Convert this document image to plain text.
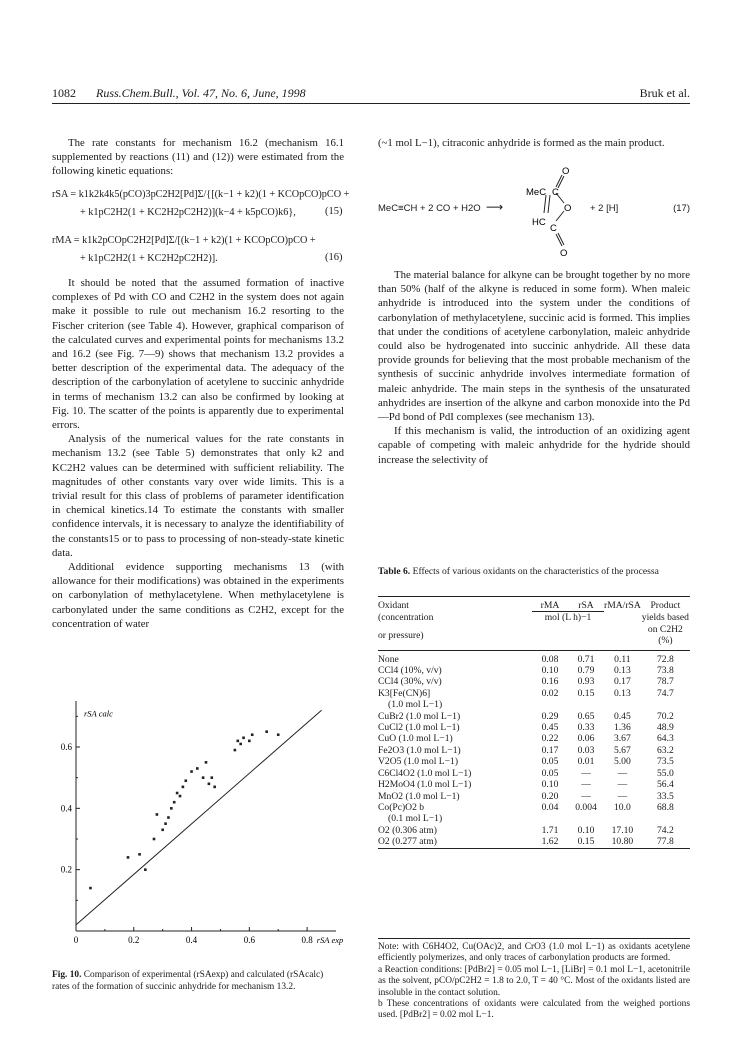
1082 Russ.Chem.Bull., Vol. 47, No. 6, June, 1998	Bruk et al.

The rate constants for mechanism 16.2 (mechanism 16.1 supplemented by reactions (11) and (12)) were estimated from the following kinetic equations:

rSA = k1k2k4k5(pCO)3pC2H2[Pd]Σ/{[(k−1 + k2)(1 + KCOpCO)pCO +
+ k1pC2H2(1 + KC2H2pC2H2)](k−4 + k5pCO)k6},	(15)
rMA = k1k2pCOpC2H2[Pd]Σ/[(k−1 + k2)(1 + KCOpCO)pCO +
+ k1pC2H2(1 + KC2H2pC2H2)].	(16)

It should be noted that the assumed formation of inactive complexes of Pd with CO and C2H2 in the system does not again make it possible to rule out mechanism 16.2 resorting to the Fischer criterion (see Table 4). However, graphical comparison of the calculated curves and experimental points for mechanisms 13.2 and 16.2 (see Fig. 7—9) shows that mechanism 13.2 provides a better description of the experimental data. The adequacy of the description of the carbonylation of acetylene to succinic anhydride in terms of mechanism 13.2 can also be confirmed by looking at Fig. 10. The scatter of the points is apparently due to experimental errors.

Analysis of the numerical values for the rate constants in mechanism 13.2 (see Table 5) demonstrates that only k2 and KC2H2 values can be determined with sufficient reliability. The magnitudes of other constants vary over wide limits. This is a trivial result for this class of problems of parameter identification in chemical kinetics.14 To estimate the constants with smaller confidence intervals, it is necessary to analyze the identifiability of the constants15 or to pass to processing of non-steady-state kinetic data.

Additional evidence supporting mechanisms 13 (with allowance for their modifications) was obtained in the experiments on carbonylation of methylacetylene. When methylacetylene is carbonylated under the same conditions as C2H2, except for the concentration of water

0	0.2	0.4	0.6	0.8
0.2
0.4
0.6
rSA calc
rSA exp
Fig. 10. Comparison of experimental (rSAexp) and calculated (rSAcalc) rates of the formation of succinic anhydride for mechanism 13.2.

(~1 mol L−1), citraconic anhydride is formed as the main product.

MeC≡CH + 2 CO + H2O ⟶
O
MeC C
O
HC
C
O
+ 2 [H]	(17)

The material balance for alkyne can be brought together by no more than 50% (half of the alkyne is reduced in some form). When maleic anhydride is introduced into the system under the conditions of carbonylation of methylacetylene, succinic acid is formed. This implies that under the conditions of acetylene carbonylation, maleic anhydride could also be hydrogenated into succinic anhydride. All these data provide grounds for believing that the most probable mechanism of the synthesis of succinic anhydride involves intermediate formation of maleic anhydride. The main steps in the synthesis of the unsaturated anhydrides are insertion of the alkyne and carbon monoxide into the Pd—Pd bond of PdI complexes (see mechanism 13).

If this mechanism is valid, the introduction of an oxidizing agent capable of competing with maleic anhydride for the hydride should increase the selectivity of

Table 6. Effects of various oxidants on the characteristics of the processa
Oxidant	rMA	rSA	rMA/rSA	Product
(concentration	mol (L h)−1			yields based
or pressure)				on C2H2 (%)
None	0.08	0.71	0.11	72.8
CCl4 (10%, v/v)	0.10	0.79	0.13	73.8
CCl4 (30%, v/v)	0.16	0.93	0.17	78.7
K3[Fe(CN)6]	0.02	0.15	0.13	74.7
(1.0 mol L−1)				
CuBr2 (1.0 mol L−1)	0.29	0.65	0.45	70.2
CuCl2 (1.0 mol L−1)	0.45	0.33	1.36	48.9
CuO (1.0 mol L−1)	0.22	0.06	3.67	64.3
Fe2O3 (1.0 mol L−1)	0.17	0.03	5.67	63.2
V2O5 (1.0 mol L−1)	0.05	0.01	5.00	73.5
C6Cl4O2 (1.0 mol L−1)	0.05	—	—	55.0
H2MoO4 (1.0 mol L−1)	0.10	—	—	56.4
MnO2 (1.0 mol L−1)	0.20	—	—	33.5
Co(Pc)O2 b	0.04	0.004	10.0	68.8
(0.1 mol L−1)				
O2 (0.306 atm)	1.71	0.10	17.10	74.2
O2 (0.277 atm)	1.62	0.15	10.80	77.8

Note: with C6H4O2, Cu(OAc)2, and CrO3 (1.0 mol L−1) as oxidants acetylene efficiently polymerizes, and only traces of carbonylation products are formed.

a Reaction conditions: [PdBr2] = 0.05 mol L−1, [LiBr] = 0.1 mol L−1, acetonitrile as the solvent, pCO/pC2H2 = 1.8 to 2.0, T = 40 °C. Most of the oxidants listed are insoluble in the contact solution.

b These concentrations of oxidants were calculated from the weighed portions used. [PdBr2] = 0.02 mol L−1.
